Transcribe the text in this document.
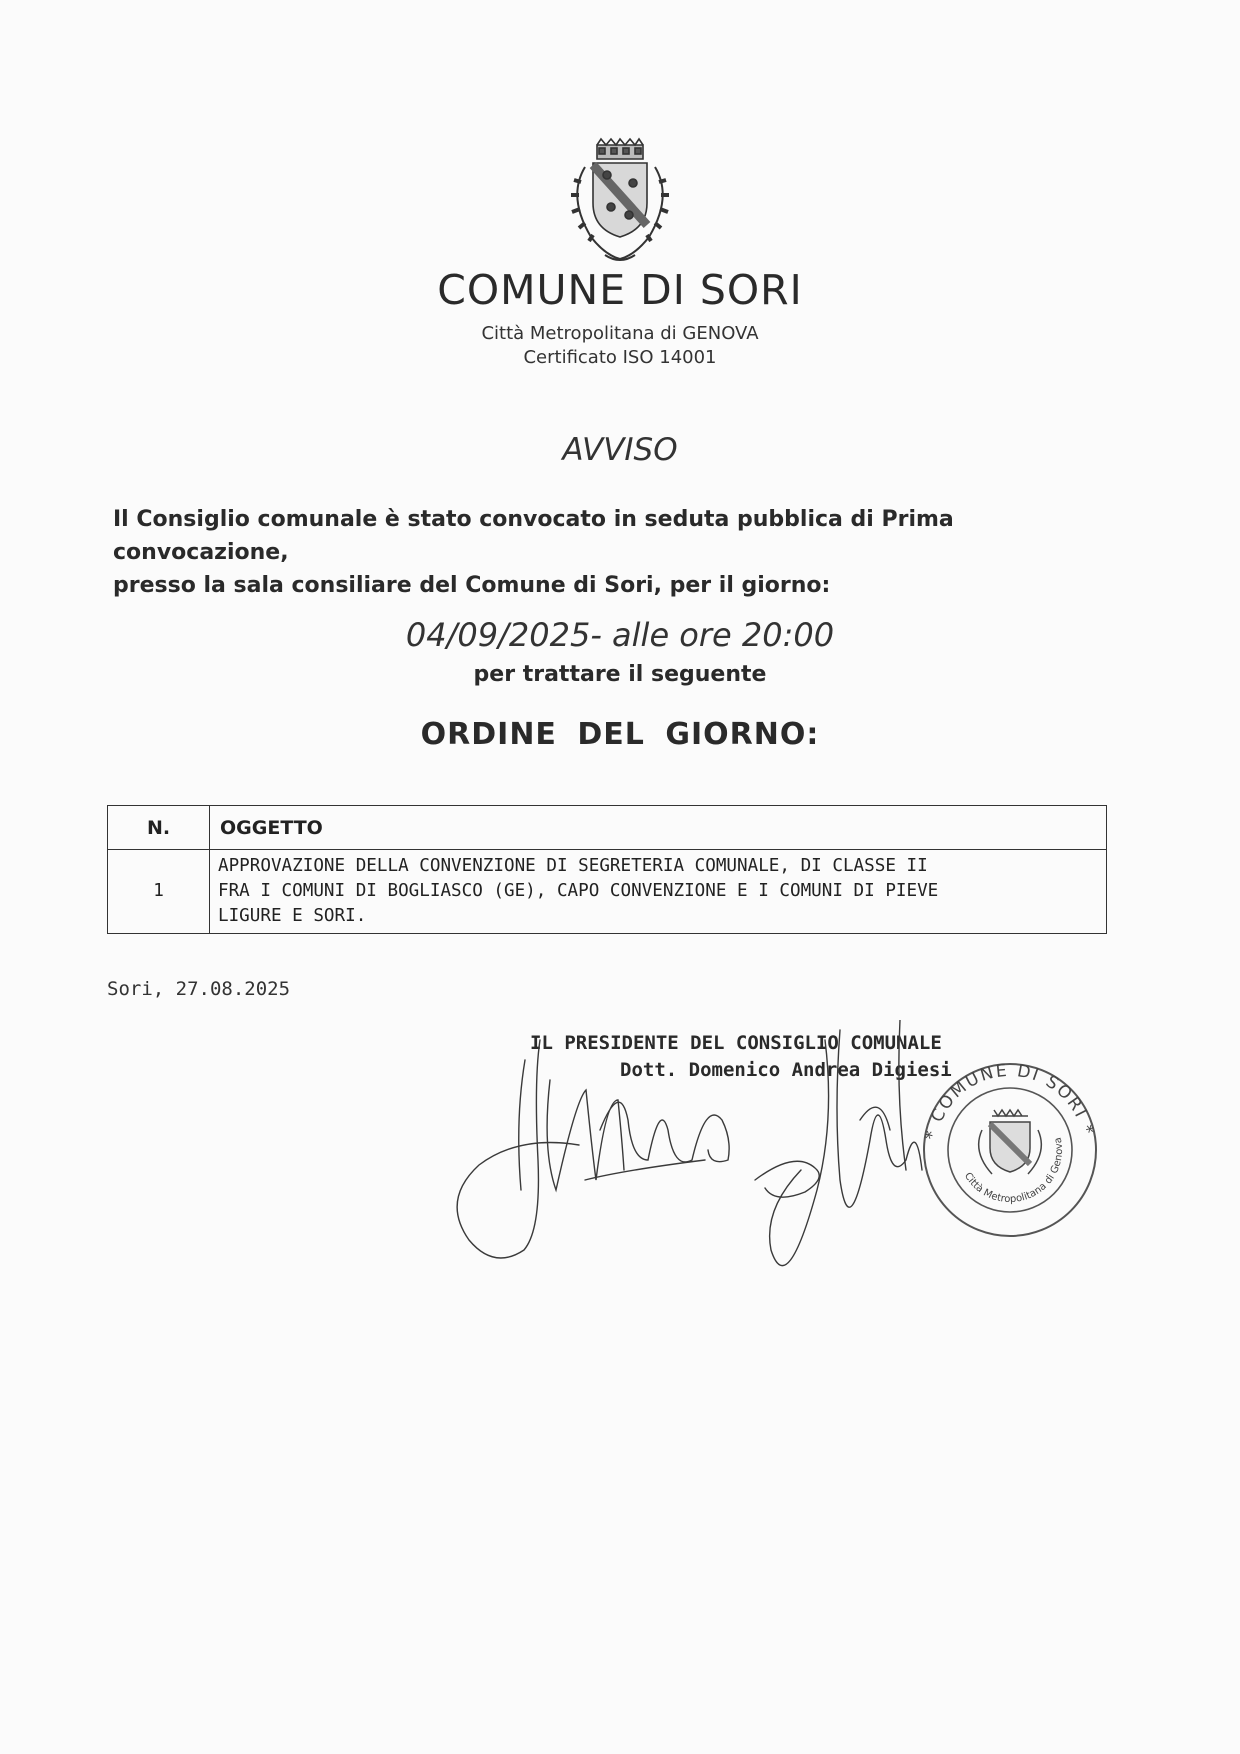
COMUNE DI SORI
Città Metropolitana di GENOVA
Certificato ISO 14001
AVVISO
Il Consiglio comunale è stato convocato in seduta pubblica di Prima convocazione,
presso la sala consiliare del Comune di Sori, per il giorno:
04/09/2025- alle ore 20:00
per trattare il seguente
ORDINE DEL GIORNO:
N.	OGGETTO
1	APPROVAZIONE DELLA CONVENZIONE DI SEGRETERIA COMUNALE, DI CLASSE II
FRA I COMUNI DI BOGLIASCO (GE), CAPO CONVENZIONE E I COMUNI DI PIEVE
LIGURE E SORI.
Sori, 27.08.2025
IL PRESIDENTE DEL CONSIGLIO COMUNALE
Dott. Domenico Andrea Digiesi
* COMUNE DI SORI *
Città Metropolitana di Genova
